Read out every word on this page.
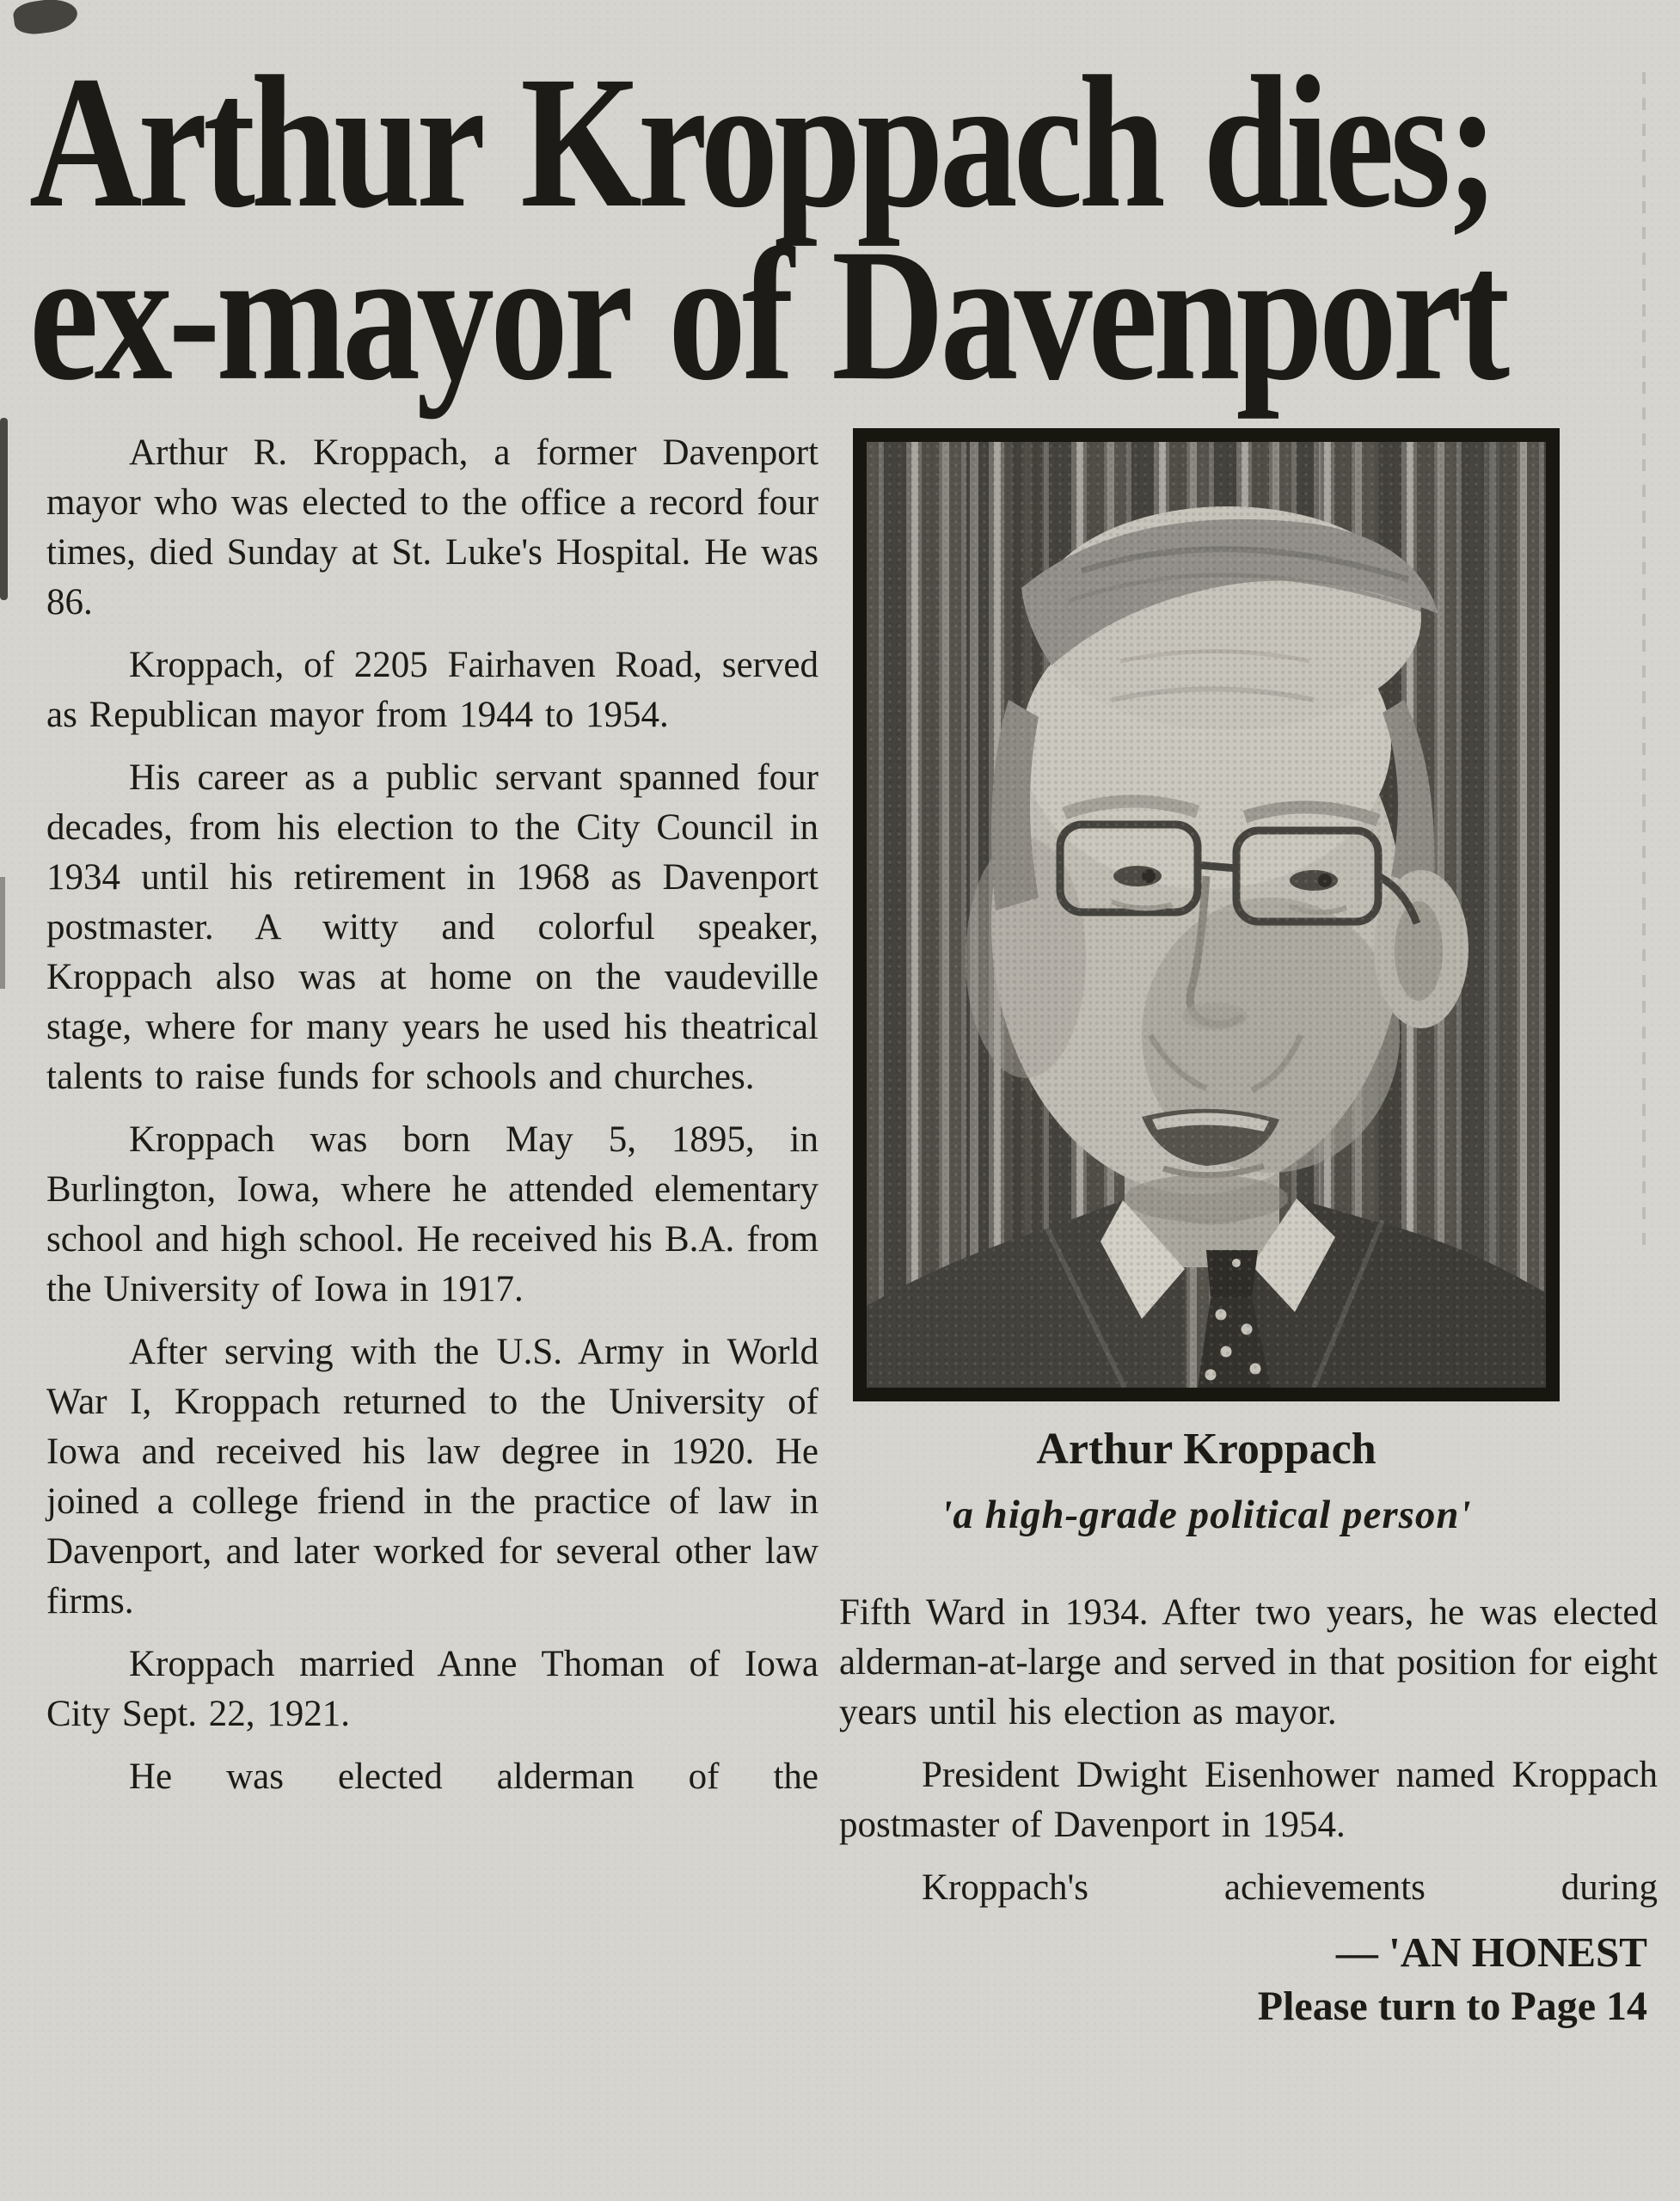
Arthur Kroppach dies;
ex-mayor of Davenport

Arthur R. Kroppach, a former Davenport mayor who was elected to the office a record four times, died Sunday at St. Luke's Hospital. He was 86.

Kroppach, of 2205 Fairhaven Road, served as Republican mayor from 1944 to 1954.

His career as a public servant spanned four decades, from his election to the City Council in 1934 until his retirement in 1968 as Davenport postmaster. A witty and colorful speaker, Kroppach also was at home on the vaudeville stage, where for many years he used his theatrical talents to raise funds for schools and churches.

Kroppach was born May 5, 1895, in Burlington, Iowa, where he attended elementary school and high school. He received his B.A. from the University of Iowa in 1917.

After serving with the U.S. Army in World War I, Kroppach returned to the University of Iowa and received his law degree in 1920. He joined a college friend in the practice of law in Davenport, and later worked for several other law firms.

Kroppach married Anne Thoman of Iowa City Sept. 22, 1921.

He was elected alderman of the

Arthur Kroppach
'a high-grade political person'

Fifth Ward in 1934. After two years, he was elected alderman-at-large and served in that position for eight years until his election as mayor.

President Dwight Eisenhower named Kroppach postmaster of Davenport in 1954.

Kroppach's achievements during

— 'AN HONEST
Please turn to Page 14
